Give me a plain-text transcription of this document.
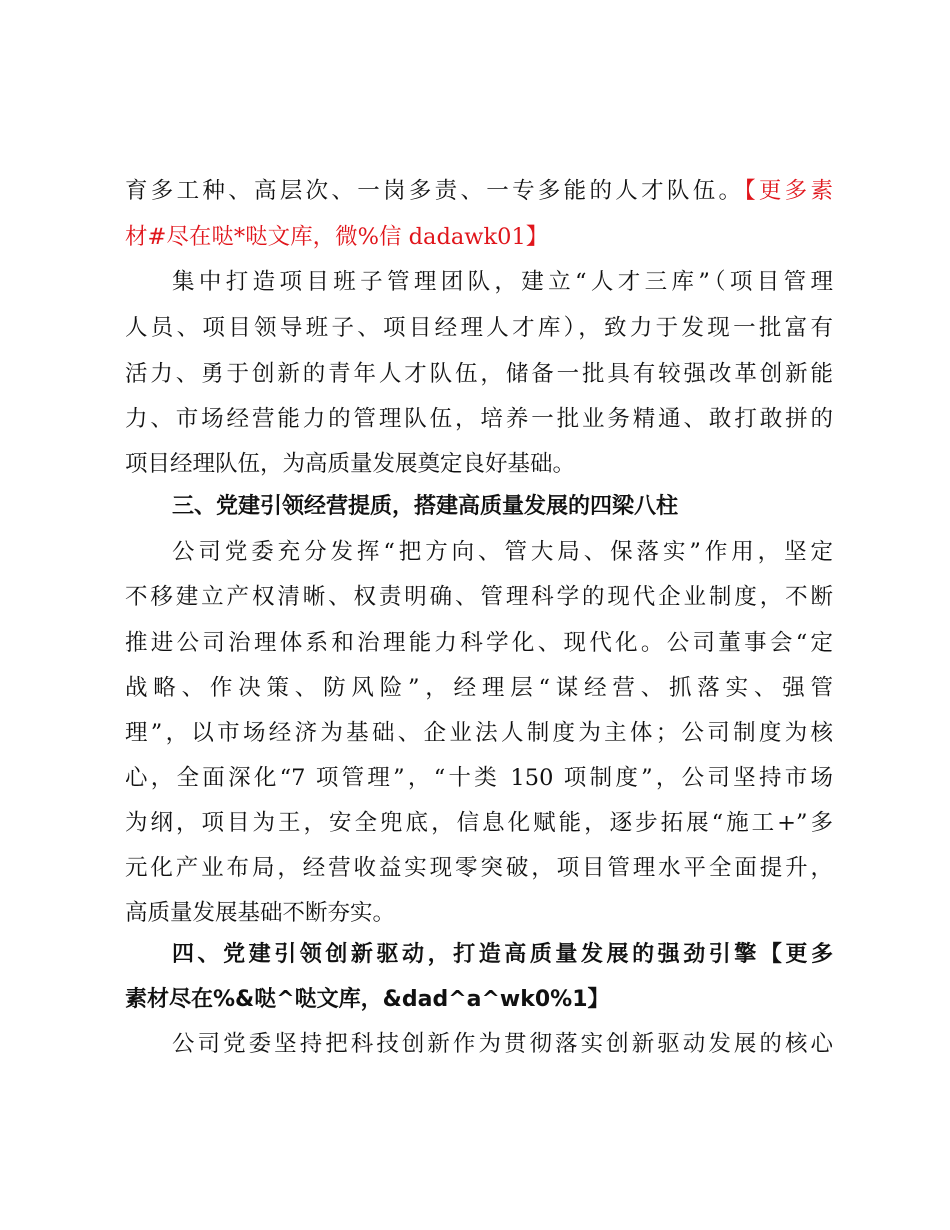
育多工种、高层次、一岗多责、一专多能的人才队伍。【更多素
材#尽在哒*哒文库，微%信 dadawk01】
集中打造项目班子管理团队，建立“人才三库”（项目管理
人员、项目领导班子、项目经理人才库），致力于发现一批富有
活力、勇于创新的青年人才队伍，储备一批具有较强改革创新能
力、市场经营能力的管理队伍，培养一批业务精通、敢打敢拼的
项目经理队伍，为高质量发展奠定良好基础。
三、党建引领经营提质，搭建高质量发展的四梁八柱
公司党委充分发挥“把方向、管大局、保落实”作用，坚定
不移建立产权清晰、权责明确、管理科学的现代企业制度，不断
推进公司治理体系和治理能力科学化、现代化。公司董事会“定
战略、作决策、防风险”，经理层“谋经营、抓落实、强管
理”，以市场经济为基础、企业法人制度为主体；公司制度为核
心，全面深化“7 项管理”，“十类 150 项制度”，公司坚持市场
为纲，项目为王，安全兜底，信息化赋能，逐步拓展“施工+”多
元化产业布局，经营收益实现零突破，项目管理水平全面提升，
高质量发展基础不断夯实。
四、党建引领创新驱动，打造高质量发展的强劲引擎【更多
素材尽在%&哒^哒文库，&dad^a^wk0%1】
公司党委坚持把科技创新作为贯彻落实创新驱动发展的核心
